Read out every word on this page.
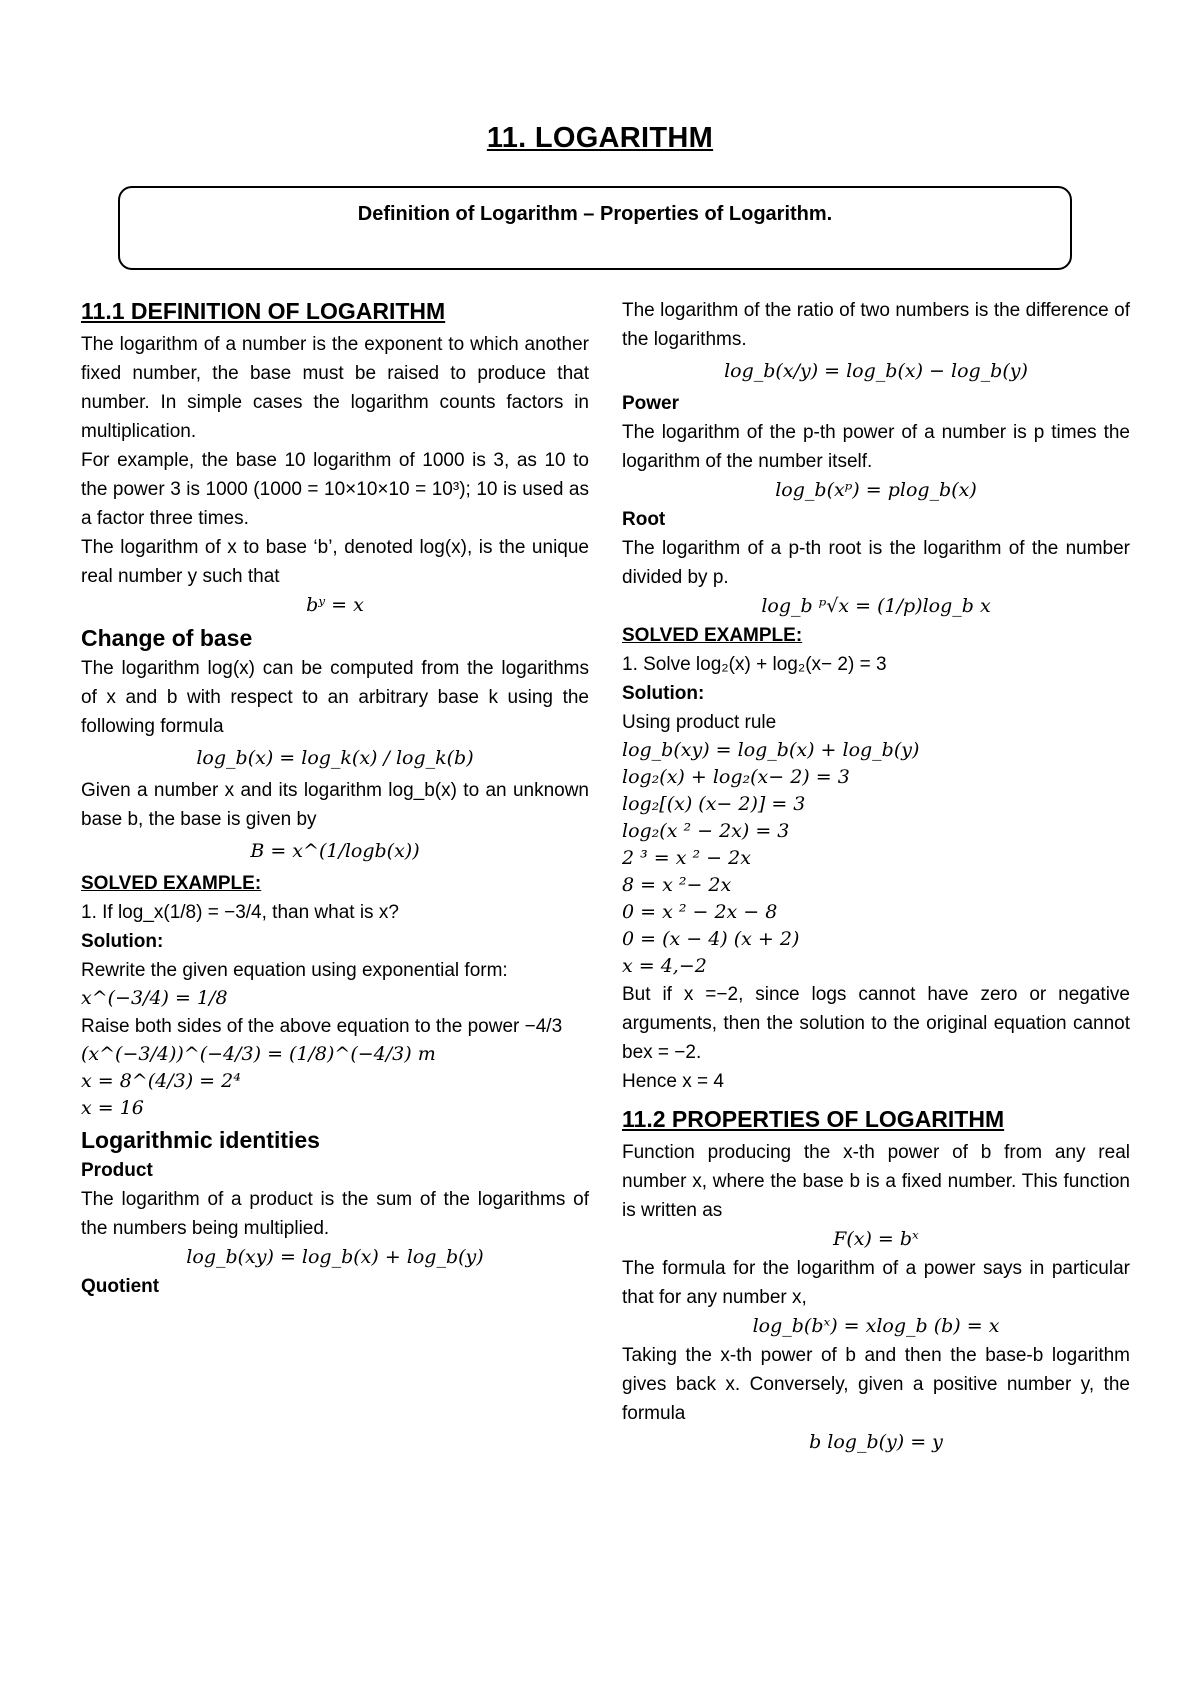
11. LOGARITHM
Definition of Logarithm – Properties of Logarithm.

11.1 DEFINITION OF LOGARITHM

The logarithm of a number is the exponent to which another fixed number, the base must be raised to produce that number. In simple cases the logarithm counts factors in multiplication.

For example, the base 10 logarithm of 1000 is 3, as 10 to the power 3 is 1000 (1000 = 10×10×10 = 10³); 10 is used as a factor three times.

The logarithm of x to base ‘b’, denoted log(x), is the unique real number y such that

bʸ = x

Change of base

The logarithm log(x) can be computed from the logarithms of x and b with respect to an arbitrary base k using the following formula

log_b(x) = log_k(x) / log_k(b)

Given a number x and its logarithm log_b(x) to an unknown base b, the base is given by

B = x^(1/logb(x))

SOLVED EXAMPLE:

1. If log_x(1/8) = −3/4, than what is x?

Solution:

Rewrite the given equation using exponential form:

x^(−3/4) = 1/8

Raise both sides of the above equation to the power −4/3

(x^(−3/4))^(−4/3) = (1/8)^(−4/3) m

x = 8^(4/3) = 2⁴

x = 16

Logarithmic identities

Product

The logarithm of a product is the sum of the logarithms of the numbers being multiplied.

log_b(xy) = log_b(x) + log_b(y)

Quotient

The logarithm of the ratio of two numbers is the difference of the logarithms.

log_b(x/y) = log_b(x) − log_b(y)

Power

The logarithm of the p-th power of a number is p times the logarithm of the number itself.

log_b(xᵖ) = plog_b(x)

Root

The logarithm of a p-th root is the logarithm of the number divided by p.

log_b ᵖ√x = (1/p)log_b x

SOLVED EXAMPLE:

1. Solve log₂(x) + log₂(x− 2) = 3

Solution:

Using product rule

log_b(xy) = log_b(x) + log_b(y)

log₂(x) + log₂(x− 2) = 3

log₂[(x) (x− 2)] = 3

log₂(x ² − 2x) = 3

2 ³ = x ² − 2x

8 = x ²− 2x

0 = x ² − 2x − 8

0 = (x − 4) (x + 2)

x = 4,−2

But if x =−2, since logs cannot have zero or negative arguments, then the solution to the original equation cannot bex = −2.

Hence x = 4

11.2 PROPERTIES OF LOGARITHM

Function producing the x-th power of b from any real number x, where the base b is a fixed number. This function is written as

F(x) = bˣ

The formula for the logarithm of a power says in particular that for any number x,

log_b(bˣ) = xlog_b (b) = x

Taking the x-th power of b and then the base-b logarithm gives back x. Conversely, given a positive number y, the formula

b log_b(y) = y
